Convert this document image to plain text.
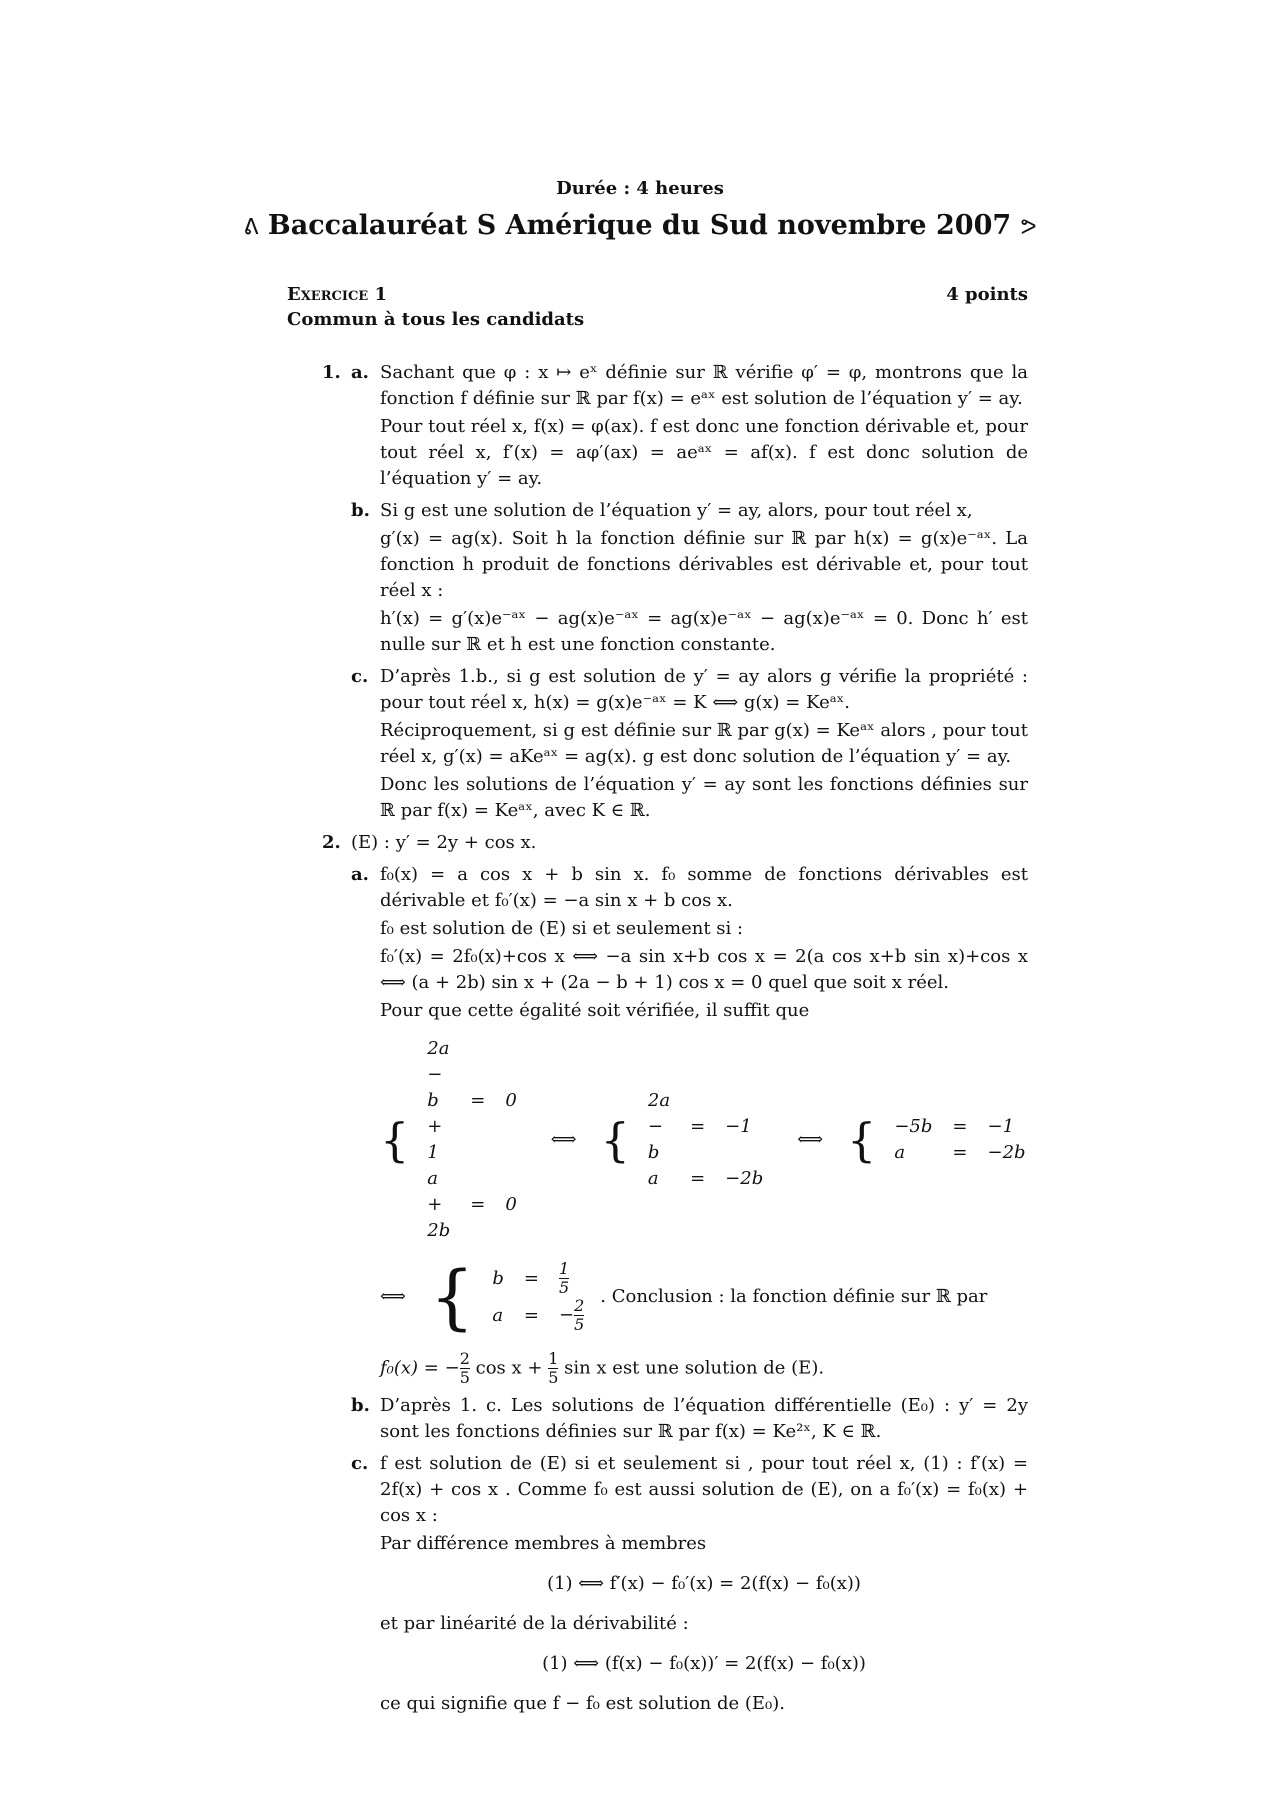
Durée : 4 heures
ᕕ Baccalauréat S Amérique du Sud novembre 2007 ᕗ
Exercice 1	4 points
Commun à tous les candidats
1. a. Sachant que φ : x ↦ eˣ définie sur ℝ vérifie φ′ = φ, montrons que la fonction f définie sur ℝ par f(x) = eᵃˣ est solution de l’équation y′ = ay.

Pour tout réel x, f(x) = φ(ax). f est donc une fonction dérivable et, pour tout réel x, f′(x) = aφ′(ax) = aeᵃˣ = af(x). f est donc solution de l’équation y′ = ay.

b. Si g est une solution de l’équation y′ = ay, alors, pour tout réel x,

g′(x) = ag(x). Soit h la fonction définie sur ℝ par h(x) = g(x)e⁻ᵃˣ. La fonction h produit de fonctions dérivables est dérivable et, pour tout réel x :

h′(x) = g′(x)e⁻ᵃˣ − ag(x)e⁻ᵃˣ = ag(x)e⁻ᵃˣ − ag(x)e⁻ᵃˣ = 0. Donc h′ est nulle sur ℝ et h est une fonction constante.

c. D’après 1.b., si g est solution de y′ = ay alors g vérifie la propriété : pour tout réel x, h(x) = g(x)e⁻ᵃˣ = K ⟺ g(x) = Keᵃˣ.

Réciproquement, si g est définie sur ℝ par g(x) = Keᵃˣ alors , pour tout réel x, g′(x) = aKeᵃˣ = ag(x). g est donc solution de l’équation y′ = ay.

Donc les solutions de l’équation y′ = ay sont les fonctions définies sur ℝ par f(x) = Keᵃˣ, avec K ∈ ℝ.

2. (E) : y′ = 2y + cos x.

a. f₀(x) = a cos x + b sin x. f₀ somme de fonctions dérivables est dérivable et f₀′(x) = −a sin x + b cos x.

f₀ est solution de (E) si et seulement si :

f₀′(x) = 2f₀(x)+cos x ⟺ −a sin x+b cos x = 2(a cos x+b sin x)+cos x ⟺ (a + 2b) sin x + (2a − b + 1) cos x = 0 quel que soit x réel.

Pour que cette égalité soit vérifiée, il suffit que

{
2a − b + 1	=	0
a + 2b	=	0
⟺ {
2a − b	=	−1
a	=	−2b
⟺ { −5b	=	−1
a	=	−2b
⟺ { b	=	$\frac{1}{5}$

a	=	− $\frac{2}{5}$
. Conclusion : la fonction définie sur ℝ par

f₀(x) = − $\frac{2}{5}$ $\cos x + \frac{1}{5}$ sin x est une solution de (E).

b. D’après 1. c. Les solutions de l’équation différentielle (E₀) : y′ = 2y sont les fonctions définies sur ℝ par f(x) = Ke²ˣ, K ∈ ℝ.

c. f est solution de (E) si et seulement si , pour tout réel x, (1) : f′(x) = 2f(x) + cos x . Comme f₀ est aussi solution de (E), on a f₀′(x) = f₀(x) + cos x :

Par différence membres à membres

(1) ⟺ f′(x) − f₀′(x) = 2(f(x) − f₀(x))

et par linéarité de la dérivabilité :

(1) ⟺ (f(x) − f₀(x))′ = 2(f(x) − f₀(x))

ce qui signifie que f − f₀ est solution de (E₀).
